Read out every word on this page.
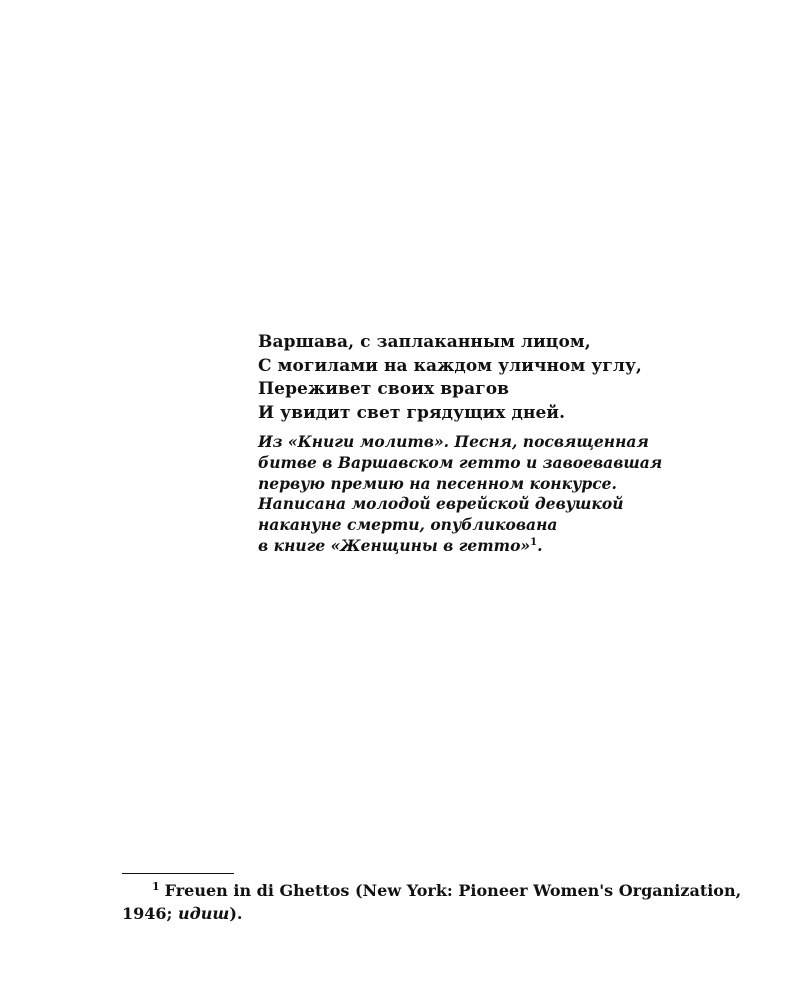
Варшава, с заплаканным лицом,
С могилами на каждом уличном углу,
Переживет своих врагов
И увидит свет грядущих дней.
Из «Книги молитв». Песня, посвященная
битве в Варшавском гетто и завоевавшая
первую премию на песенном конкурсе.
Написана молодой еврейской девушкой
накануне смерти, опубликована
в книге «Женщины в гетто»$^1$.
$^1$ Freuen in di Ghettos (New York: Pioneer Women's Organization,
1946; идиш).
